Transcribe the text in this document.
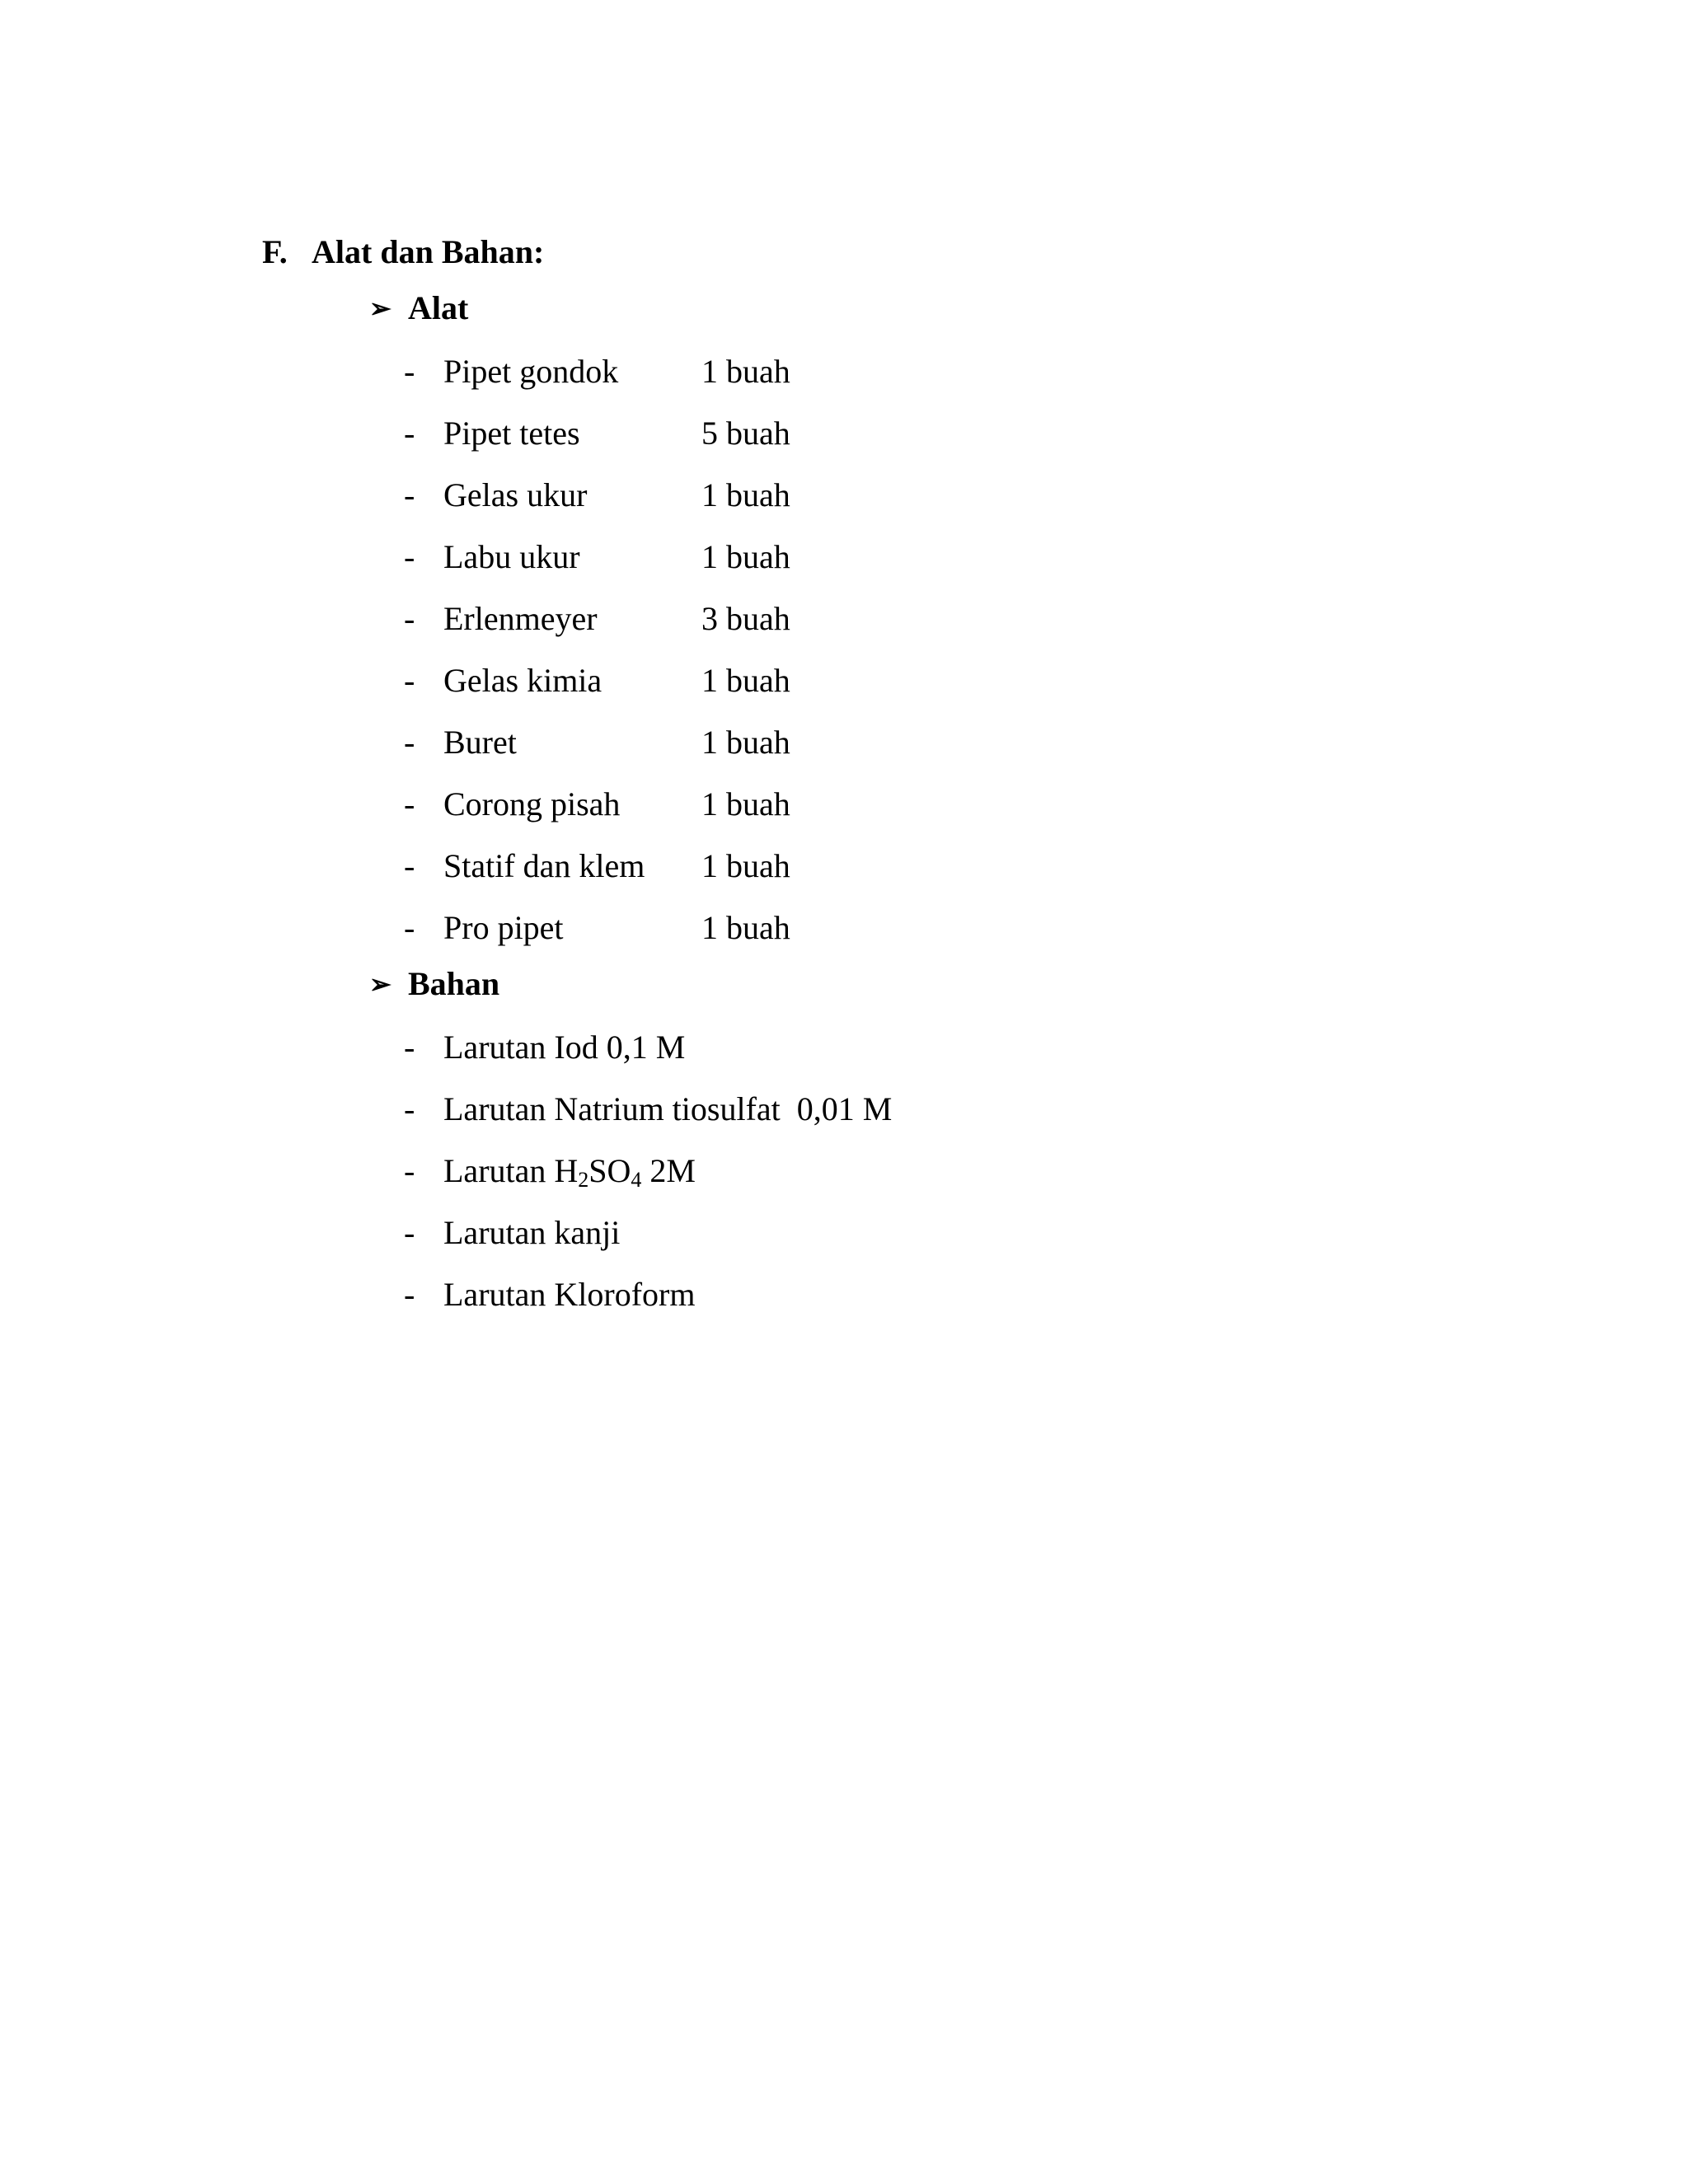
F. Alat dan Bahan:
➢ Alat
- Pipet gondok	1 buah
- Pipet tetes	5 buah
- Gelas ukur	1 buah
- Labu ukur	1 buah
- Erlenmeyer	3 buah
- Gelas kimia	1 buah
- Buret	1 buah
- Corong pisah 1 buah
- Statif dan klem 1 buah
- Pro pipet	1 buah
➢ Bahan
- Larutan Iod 0,1 M
- Larutan Natrium tiosulfat  0,01 M
- Larutan $H_2SO_4$ 2M
- Larutan kanji
- Larutan Kloroform
